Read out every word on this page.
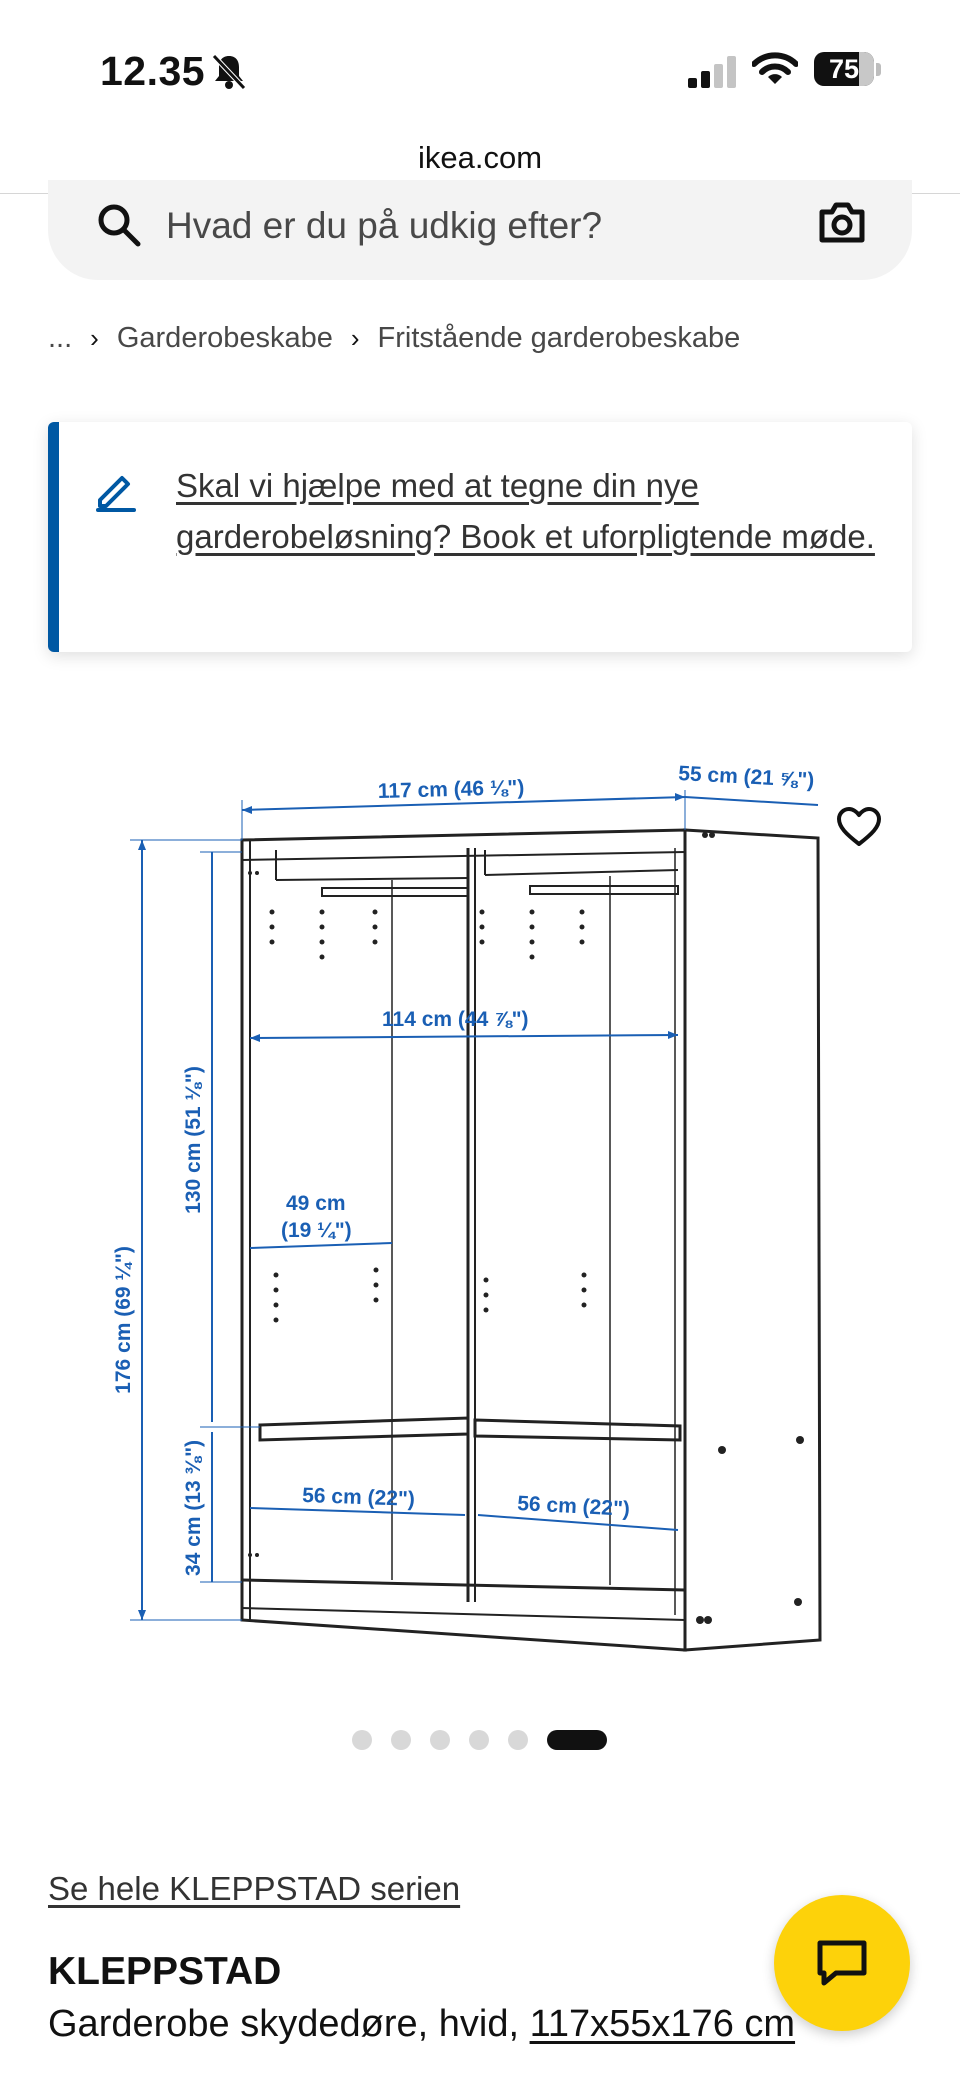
12.35	75
ikea.com
Hvad er du på udkig efter?
... › Garderobeskabe › Fritstående garderobeskabe
Skal vi hjælpe med at tegne din nye garderobeløsning? Book et uforpligtende møde.
117 cm (46 ⅛")	55 cm (21 ⅝")
114 cm (44 ⅞")
49 cm
(19 ¼")
56 cm (22")	56 cm (22")
176 cm (69 ¼")
130 cm (51 ⅛")
34 cm (13 ⅜")
Se hele KLEPPSTAD serien
KLEPPSTAD
Garderobe skydedøre, hvid, 117x55x176 cm
